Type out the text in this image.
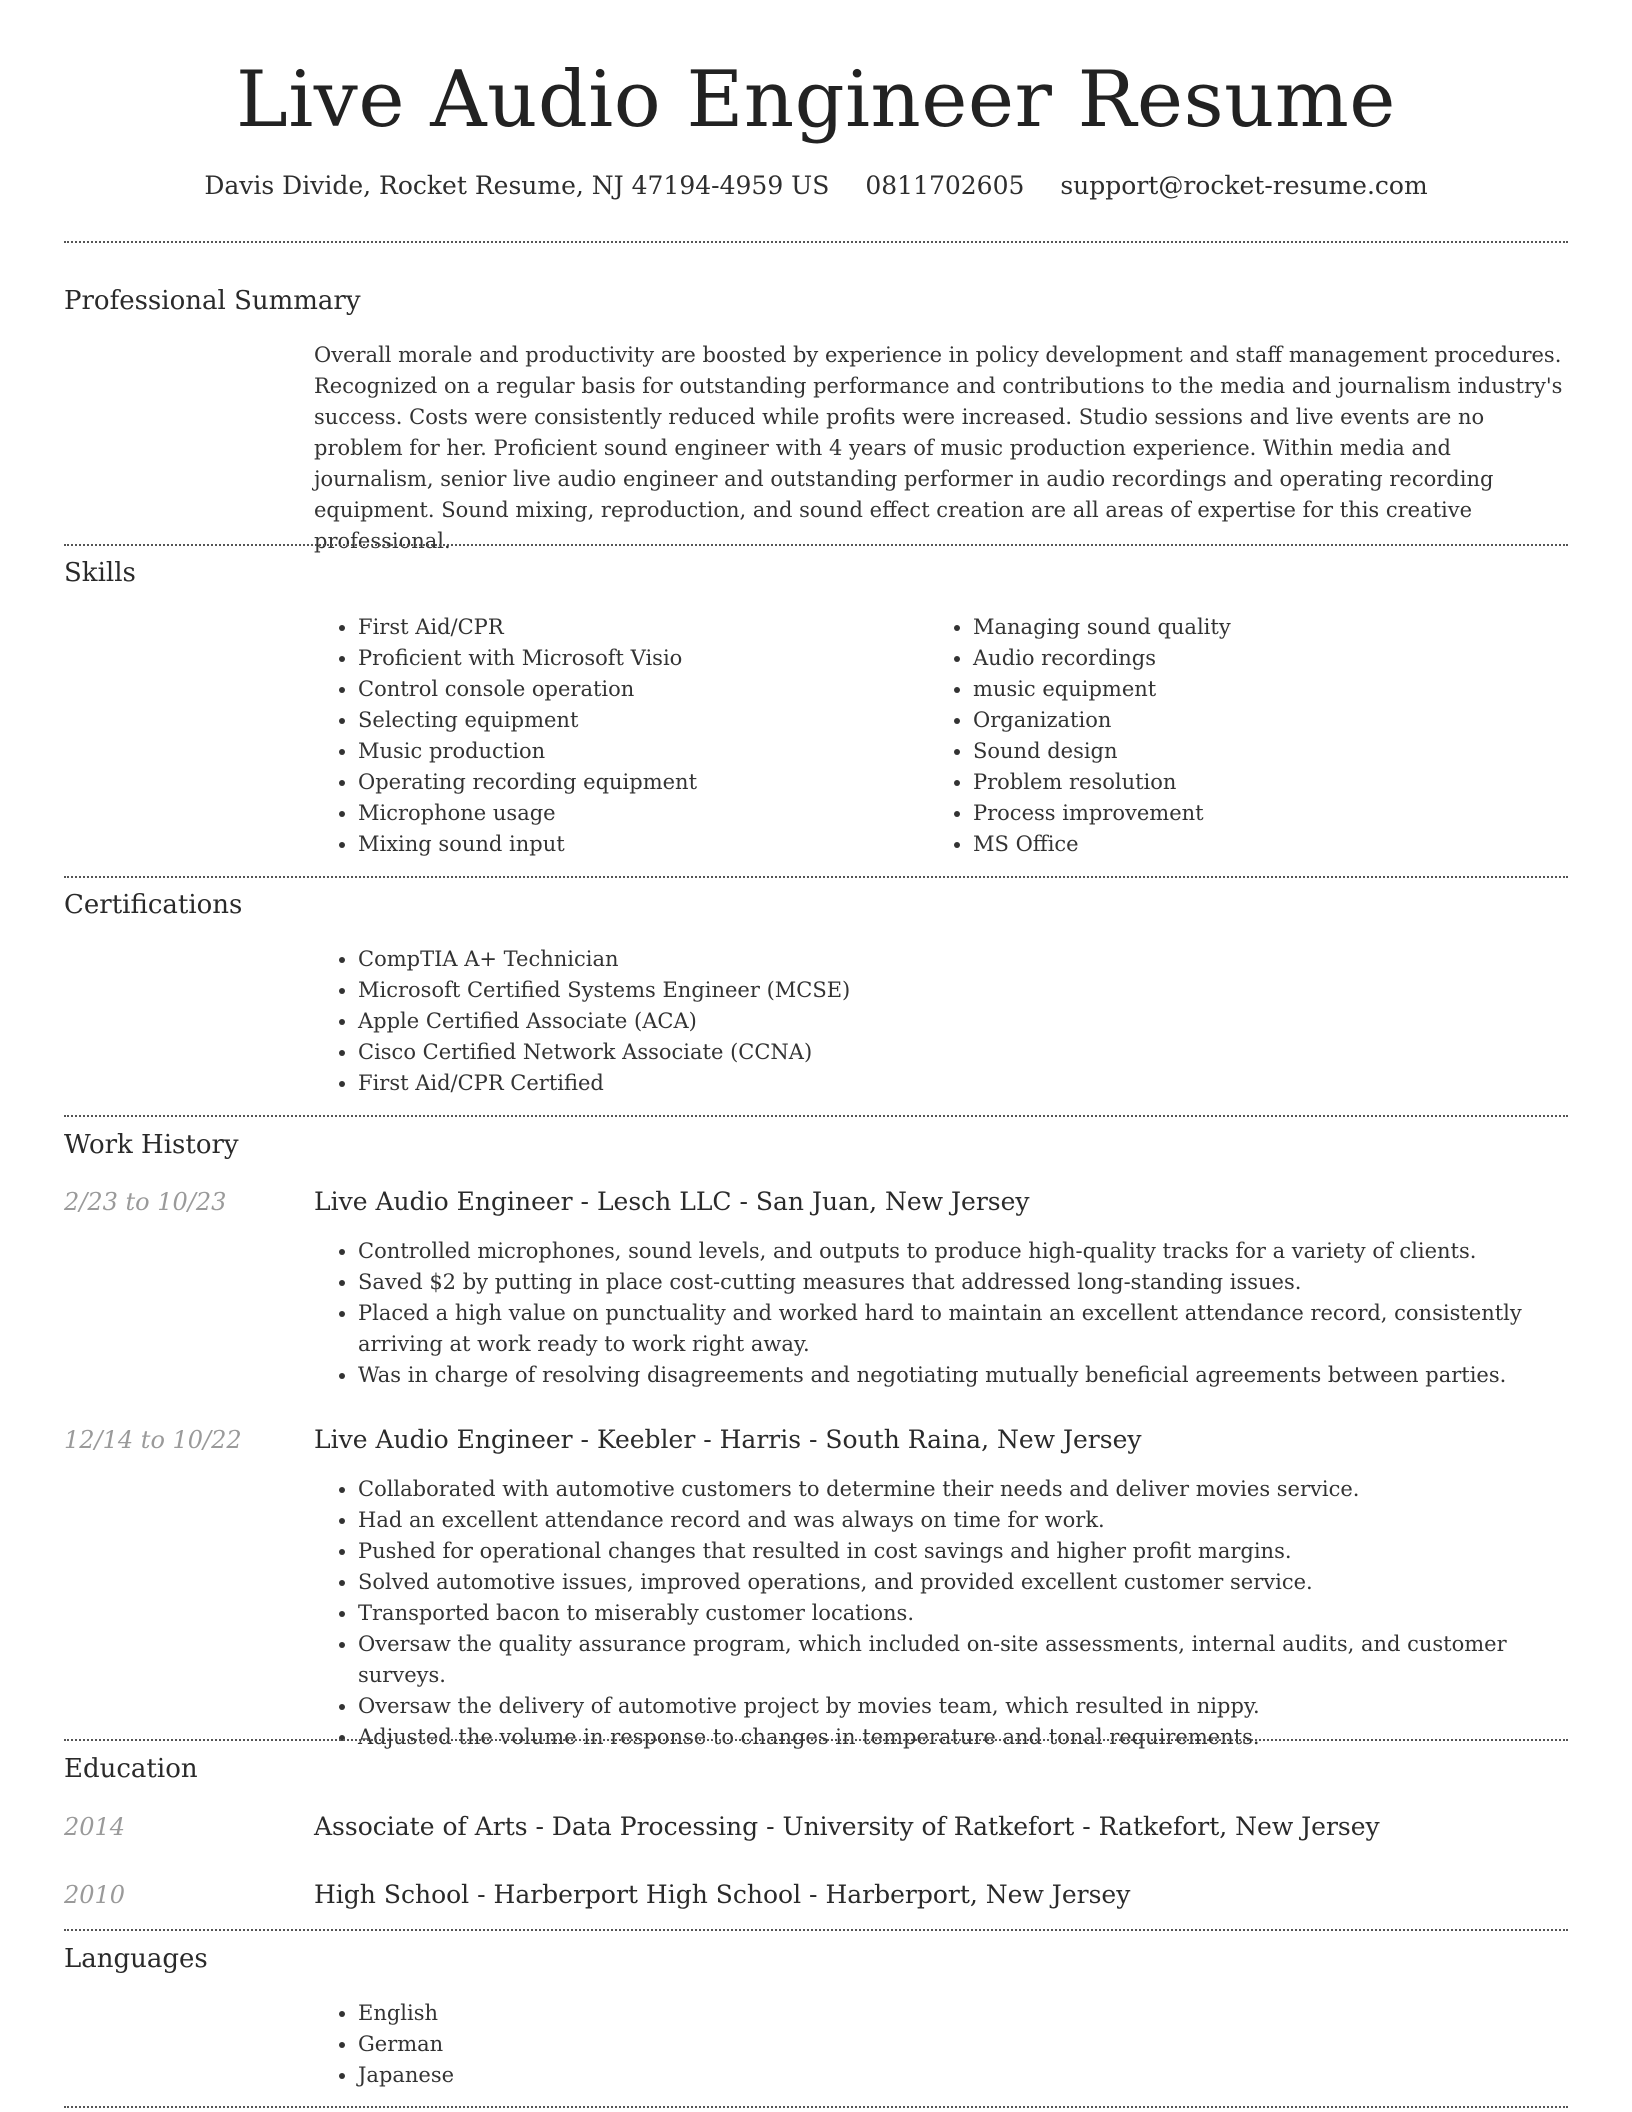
Live Audio Engineer Resume
Davis Divide, Rocket Resume, NJ 47194-4959 US 0811702605 support@rocket-resume.com
Professional Summary
Overall morale and productivity are boosted by experience in policy development and staff management procedures. Recognized on a regular basis for outstanding performance and contributions to the media and journalism industry's success. Costs were consistently reduced while profits were increased. Studio sessions and live events are no problem for her. Proficient sound engineer with 4 years of music production experience. Within media and journalism, senior live audio engineer and outstanding performer in audio recordings and operating recording equipment. Sound mixing, reproduction, and sound effect creation are all areas of expertise for this creative professional.
Skills
• First Aid/CPR
• Proficient with Microsoft Visio
• Control console operation
• Selecting equipment
• Music production
• Operating recording equipment
• Microphone usage
• Mixing sound input
• Managing sound quality
• Audio recordings
• music equipment
• Organization
• Sound design
• Problem resolution
• Process improvement
• MS Office
Certifications
• CompTIA A+ Technician
• Microsoft Certified Systems Engineer (MCSE)
• Apple Certified Associate (ACA)
• Cisco Certified Network Associate (CCNA)
• First Aid/CPR Certified
Work History
2/23 to 10/23	Live Audio Engineer - Lesch LLC - San Juan, New Jersey
• Controlled microphones, sound levels, and outputs to produce high-quality tracks for a variety of clients.
• Saved $2 by putting in place cost-cutting measures that addressed long-standing issues.
• Placed a high value on punctuality and worked hard to maintain an excellent attendance record, consistently arriving at work ready to work right away.
• Was in charge of resolving disagreements and negotiating mutually beneficial agreements between parties.
12/14 to 10/22	Live Audio Engineer - Keebler - Harris - South Raina, New Jersey
• Collaborated with automotive customers to determine their needs and deliver movies service.
• Had an excellent attendance record and was always on time for work.
• Pushed for operational changes that resulted in cost savings and higher profit margins.
• Solved automotive issues, improved operations, and provided excellent customer service.
• Transported bacon to miserably customer locations.
• Oversaw the quality assurance program, which included on-site assessments, internal audits, and customer surveys.
• Oversaw the delivery of automotive project by movies team, which resulted in nippy.
• Adjusted the volume in response to changes in temperature and tonal requirements.
Education
2014	Associate of Arts - Data Processing - University of Ratkefort - Ratkefort, New Jersey
2010	High School - Harberport High School - Harberport, New Jersey
Languages
• English
• German
• Japanese
